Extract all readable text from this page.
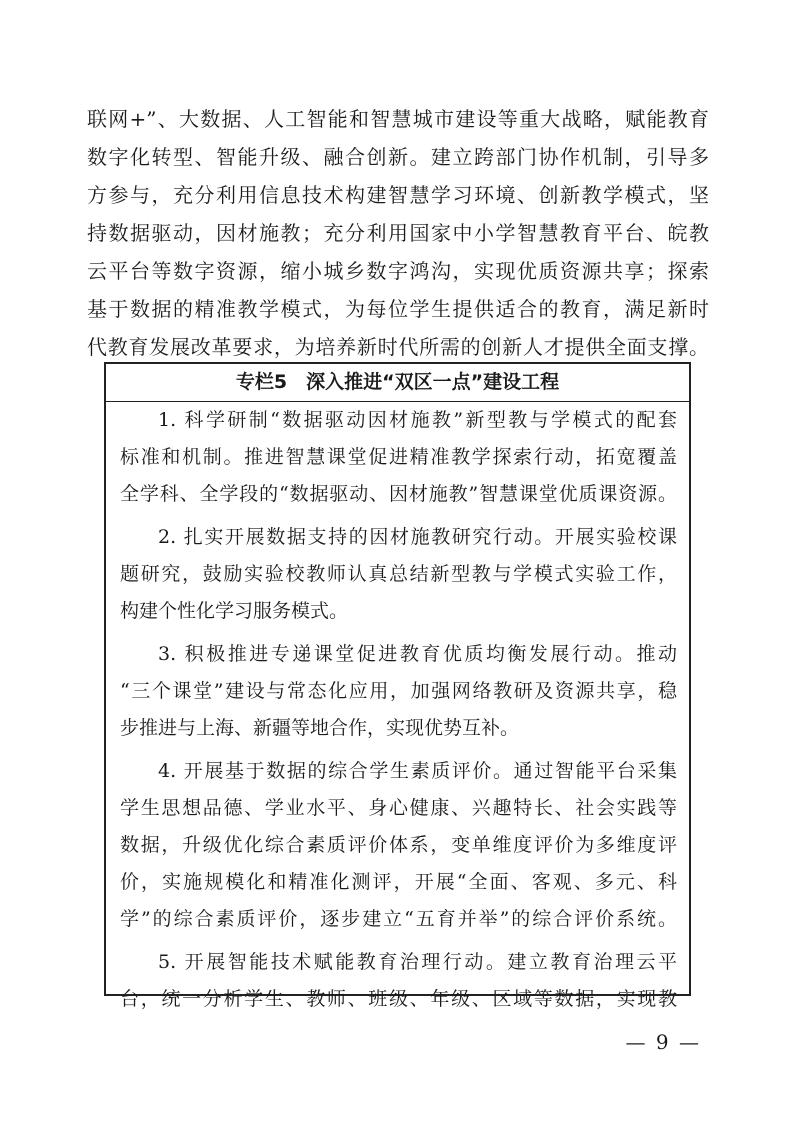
联网+”、大数据、人工智能和智慧城市建设等重大战略，赋能教育
数字化转型、智能升级、融合创新。建立跨部门协作机制，引导多
方参与，充分利用信息技术构建智慧学习环境、创新教学模式，坚
持数据驱动，因材施教；充分利用国家中小学智慧教育平台、皖教
云平台等数字资源，缩小城乡数字鸿沟，实现优质资源共享；探索
基于数据的精准教学模式，为每位学生提供适合的教育，满足新时
代教育发展改革要求，为培养新时代所需的创新人才提供全面支撑。
专栏5　深入推进“双区一点”建设工程
1. 科学研制“数据驱动因材施教”新型教与学模式的配套
标准和机制。推进智慧课堂促进精准教学探索行动，拓宽覆盖
全学科、全学段的“数据驱动、因材施教”智慧课堂优质课资源。
2. 扎实开展数据支持的因材施教研究行动。开展实验校课
题研究，鼓励实验校教师认真总结新型教与学模式实验工作，
构建个性化学习服务模式。
3. 积极推进专递课堂促进教育优质均衡发展行动。推动
“三个课堂”建设与常态化应用，加强网络教研及资源共享，稳
步推进与上海、新疆等地合作，实现优势互补。
4. 开展基于数据的综合学生素质评价。通过智能平台采集
学生思想品德、学业水平、身心健康、兴趣特长、社会实践等
数据，升级优化综合素质评价体系，变单维度评价为多维度评
价，实施规模化和精准化测评，开展“全面、客观、多元、科
学”的综合素质评价，逐步建立“五育并举”的综合评价系统。
5. 开展智能技术赋能教育治理行动。建立教育治理云平
台，统一分析学生、教师、班级、年级、区域等数据，实现教
— 9 —
